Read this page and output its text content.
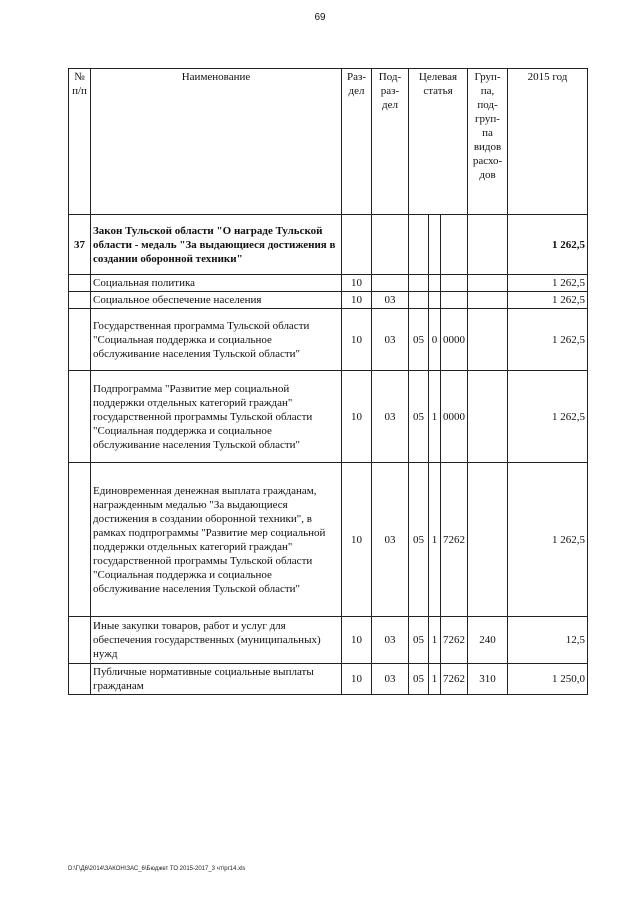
69
№ п/п	Наименование	Раз- дел	Под- раз- дел	Целевая статья			Груп- па, под- груп- па видов расхо- дов	2015 год
37	Закон Тульской области "О награде Тульской области - медаль "За выдающиеся достижения в создании оборонной техники"							1 262,5
	Социальная политика	10						1 262,5
	Социальное обеспечение населения	10	03					1 262,5
	Государственная программа Тульской области "Социальная поддержка и социальное обслуживание населения Тульской области"	10	03	05	0	0000		1 262,5
	Подпрограмма "Развитие мер социальной поддержки отдельных категорий граждан" государственной программы Тульской области "Социальная поддержка и социальное обслуживание населения Тульской области"	10	03	05	1	0000		1 262,5
	Единовременная денежная выплата гражданам, награжденным медалью "За выдающиеся достижения в создании оборонной техники", в рамках подпрограммы "Развитие мер социальной поддержки отдельных категорий граждан" государственной программы Тульской области "Социальная поддержка и социальное обслуживание населения Тульской области"	10	03	05	1	7262		1 262,5
	Иные закупки товаров, работ и услуг для обеспечения государственных (муниципальных) нужд	10	03	05	1	7262	240	12,5
	Публичные нормативные социальные выплаты гражданам	10	03	05	1	7262	310	1 250,0
D:\Г\Д6\2014\ЗАКОН\ЗАС_6\Бюджет ТО 2015-2017_3 чт\рг14.xls
